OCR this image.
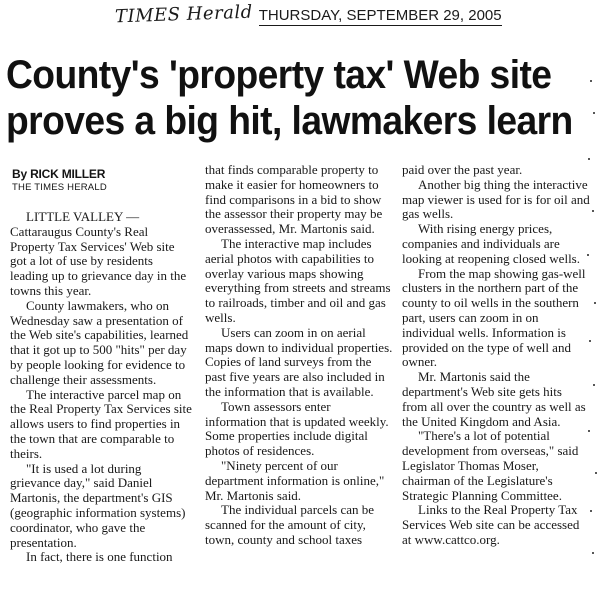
TIMES Herald THURSDAY, SEPTEMBER 29, 2005
County's 'property tax' Web site
proves a big hit, lawmakers learn
By RICK MILLER
THE TIMES HERALD

LITTLE VALLEY — Cattaraugus County's Real Property Tax Services' Web site got a lot of use by residents leading up to grievance day in the towns this year.

County lawmakers, who on Wednesday saw a presentation of the Web site's capabilities, learned that it got up to 500 "hits" per day by people looking for evidence to challenge their assessments.

The interactive parcel map on the Real Property Tax Services site allows users to find properties in the town that are comparable to theirs.

"It is used a lot during grievance day," said Daniel Martonis, the department's GIS (geographic information systems) coordinator, who gave the presentation.

In fact, there is one function

that finds comparable property to make it easier for homeowners to find comparisons in a bid to show the assessor their property may be overassessed, Mr. Martonis said.

The interactive map includes aerial photos with capabilities to overlay various maps showing everything from streets and streams to railroads, timber and oil and gas wells.

Users can zoom in on aerial maps down to individual properties. Copies of land surveys from the past five years are also included in the information that is available.

Town assessors enter information that is updated weekly. Some properties include digital photos of residences.

"Ninety percent of our department information is online," Mr. Martonis said.

The individual parcels can be scanned for the amount of city, town, county and school taxes

paid over the past year.

Another big thing the interactive map viewer is used for is for oil and gas wells.

With rising energy prices, companies and individuals are looking at reopening closed wells.

From the map showing gas-well clusters in the northern part of the county to oil wells in the southern part, users can zoom in on individual wells. Information is provided on the type of well and owner.

Mr. Martonis said the department's Web site gets hits from all over the country as well as the United Kingdom and Asia.

"There's a lot of potential development from overseas," said Legislator Thomas Moser, chairman of the Legislature's Strategic Planning Committee.

Links to the Real Property Tax Services Web site can be accessed at www.cattco.org.
